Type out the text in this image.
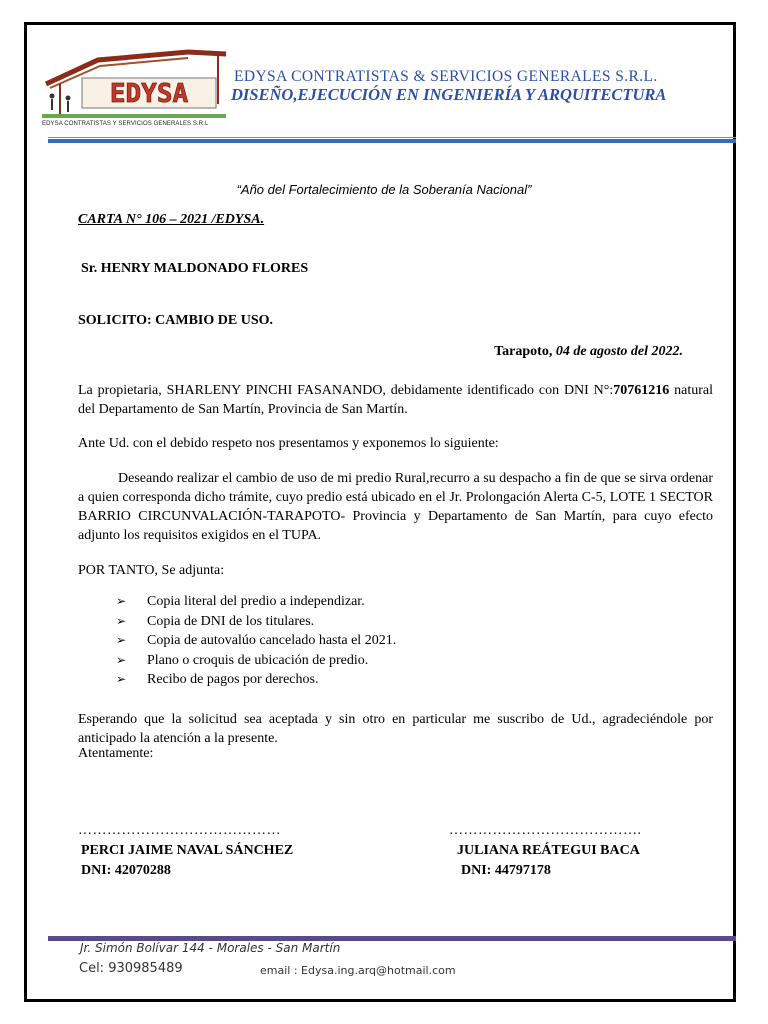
EDYSA
EDYSA CONTRATISTAS Y SERVICIOS GENERALES S.R.L
EDYSA CONTRATISTAS & SERVICIOS GENERALES S.R.L.
DISEÑO,EJECUCIÓN EN INGENIERÍA Y ARQUITECTURA
“Año del Fortalecimiento de la Soberanía Nacional”
CARTA N° 106 – 2021 /EDYSA.
Sr. HENRY MALDONADO FLORES
SOLICITO: CAMBIO DE USO.
Tarapoto, 04 de agosto del 2022.
La propietaria, SHARLENY PINCHI FASANANDO, debidamente identificado con DNI N°:70761216 natural del Departamento de San Martín, Provincia de San Martín.
Ante Ud. con el debido respeto nos presentamos y exponemos lo siguiente:
Deseando realizar el cambio de uso de mi predio Rural,recurro a su despacho a fin de que se sirva ordenar a quien corresponda dicho trámite, cuyo predio está ubicado en el Jr. Prolongación Alerta C-5, LOTE 1 SECTOR BARRIO CIRCUNVALACIÓN-TARAPOTO- Provincia y Departamento de San Martín, para cuyo efecto adjunto los requisitos exigidos en el TUPA.
POR TANTO, Se adjunta:
➢ Copia literal del predio a independizar.
➢ Copia de DNI de los titulares.
➢ Copia de autovalúo cancelado hasta el 2021.
➢ Plano o croquis de ubicación de predio.
➢ Recibo de pagos por derechos.
Esperando que la solicitud sea aceptada y sin otro en particular me suscribo de Ud., agradeciéndole por anticipado la atención a la presente.
Atentamente:
……………………………………
PERCI JAIME NAVAL SÁNCHEZ
DNI: 42070288
………………………………….
JULIANA REÁTEGUI BACA
DNI: 44797178
Jr. Simón Bolívar 144 - Morales - San Martín
Cel: 930985489	email : Edysa.ing.arq@hotmail.com
